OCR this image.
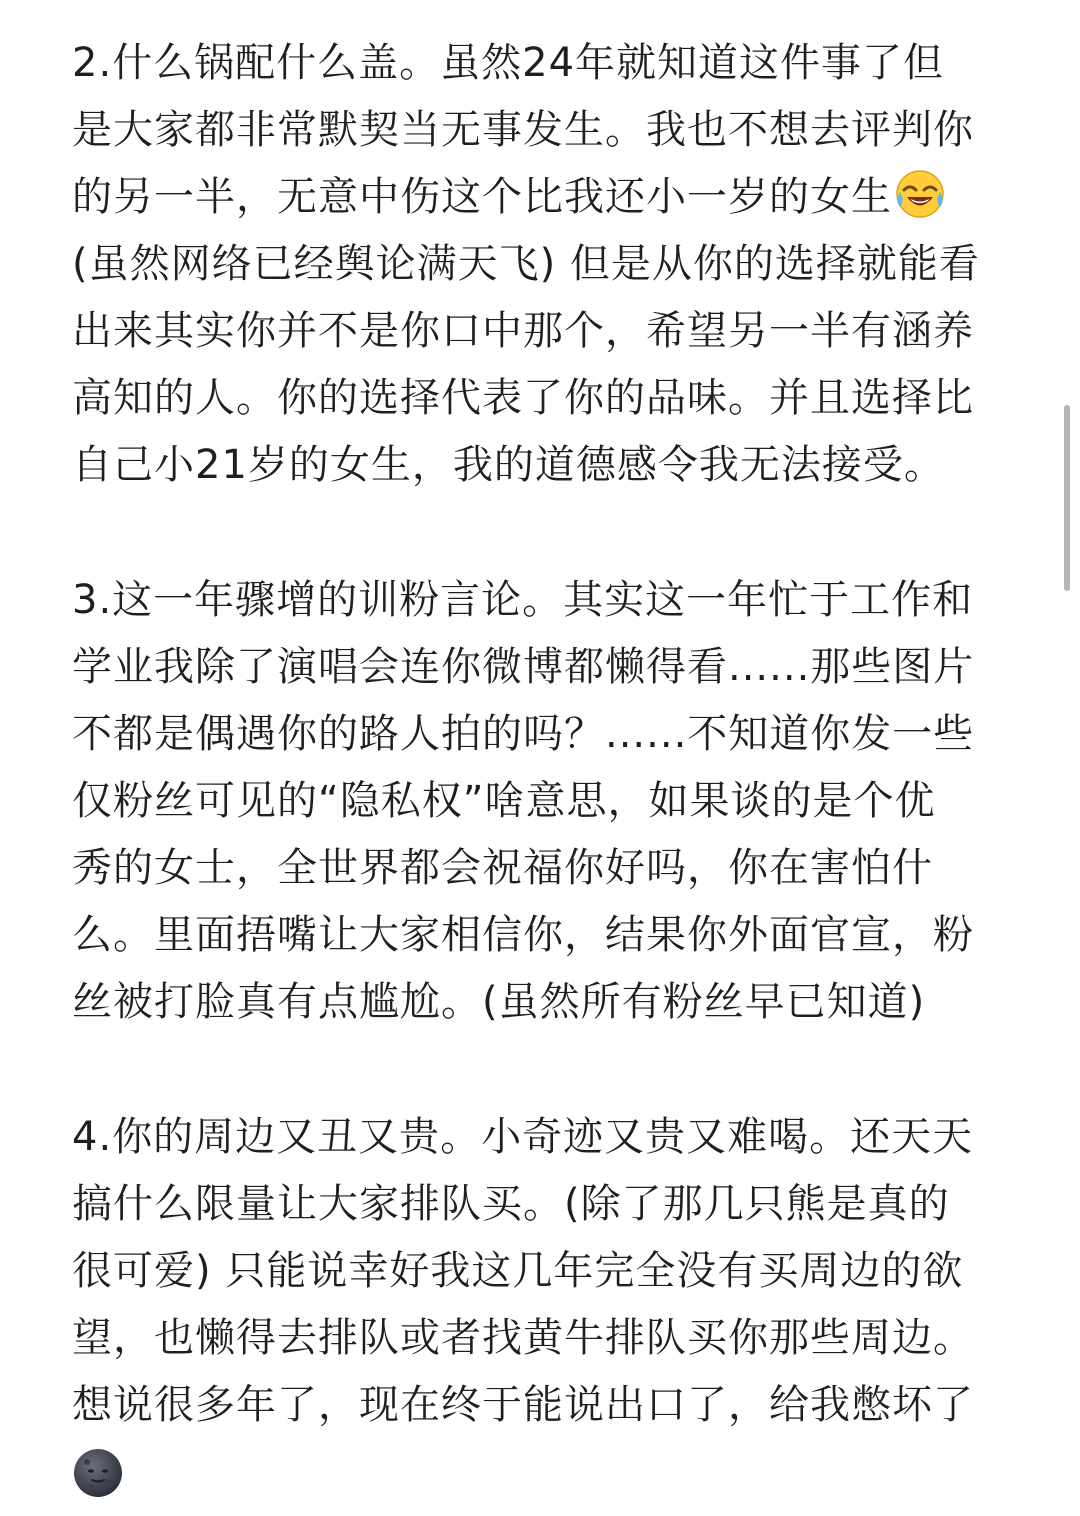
2.什么锅配什么盖。虽然24年就知道这件事了但
是大家都非常默契当无事发生。我也不想去评判你
的另一半，无意中伤这个比我还小一岁的女生
(虽然网络已经舆论满天飞) 但是从你的选择就能看
出来其实你并不是你口中那个，希望另一半有涵养
高知的人。你的选择代表了你的品味。并且选择比
自己小21岁的女生，我的道德感令我无法接受。
3.这一年骤增的训粉言论。其实这一年忙于工作和
学业我除了演唱会连你微博都懒得看......那些图片
不都是偶遇你的路人拍的吗？......不知道你发一些
仅粉丝可见的“隐私权”啥意思，如果谈的是个优
秀的女士，全世界都会祝福你好吗，你在害怕什
么。里面捂嘴让大家相信你，结果你外面官宣，粉
丝被打脸真有点尴尬。(虽然所有粉丝早已知道)
4.你的周边又丑又贵。小奇迹又贵又难喝。还天天
搞什么限量让大家排队买。(除了那几只熊是真的
很可爱) 只能说幸好我这几年完全没有买周边的欲
望，也懒得去排队或者找黄牛排队买你那些周边。
想说很多年了，现在终于能说出口了，给我憋坏了
